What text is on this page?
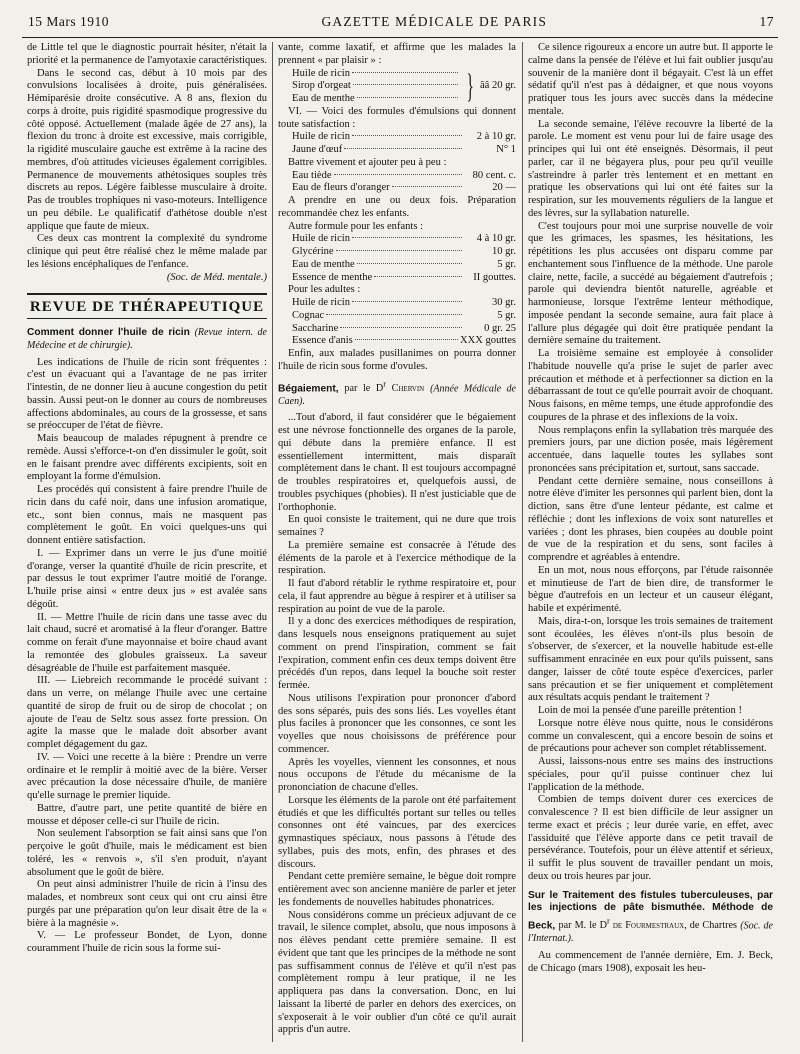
15 Mars 1910	GAZETTE MÉDICALE DE PARIS	17

de Little tel que le diagnostic pourrait hésiter, n'était la priorité et la permanence de l'amyotaxie caractéristiques.

Dans le second cas, début à 10 mois par des convulsions localisées à droite, puis généralisées. Hémiparésie droite consécutive. A 8 ans, flexion du corps à droite, puis rigidité spasmodique progressive du côté opposé. Actuellement (malade âgée de 27 ans), la flexion du tronc à droite est excessive, mais corrigible, la rigidité musculaire gauche est extrême à la racine des membres, d'où attitudes vicieuses également corrigibles. Permanence de mouvements athétosiques souples très discrets au repos. Légère faiblesse musculaire à droite. Pas de troubles trophiques ni vaso-moteurs. Intelligence un peu débile. Le qualificatif d'athétose double n'est applique que faute de mieux.

Ces deux cas montrent la complexité du syndrome clinique qui peut être réalisé chez le même malade par les lésions encéphaliques de l'enfance.

(Soc. de Méd. mentale.)

REVUE DE THÉRAPEUTIQUE

Comment donner l'huile de ricin (Revue intern. de Médecine et de chirurgie).

Les indications de l'huile de ricin sont fréquentes : c'est un évacuant qui a l'avantage de ne pas irriter l'intestin, de ne donner lieu à aucune congestion du petit bassin. Aussi peut-on le donner au cours de nombreuses affections abdominales, au cours de la grossesse, et sans se préoccuper de l'état de fièvre.

Mais beaucoup de malades répugnent à prendre ce remède. Aussi s'efforce-t-on d'en dissimuler le goût, soit en le faisant prendre avec différents excipients, soit en employant la forme d'émulsion.

Les procédés qui consistent à faire prendre l'huile de ricin dans du café noir, dans une infusion aromatique, etc., sont bien connus, mais ne masquent pas complètement le goût. En voici quelques-uns qui donnent entière satisfaction.

I. — Exprimer dans un verre le jus d'une moitié d'orange, verser la quantité d'huile de ricin prescrite, et par dessus le tout exprimer l'autre moitié de l'orange. L'huile prise ainsi « entre deux jus » est avalée sans dégoût.

II. — Mettre l'huile de ricin dans une tasse avec du lait chaud, sucré et aromatisé à la fleur d'oranger. Battre comme on ferait d'une mayonnaise et boire chaud avant la remontée des globules graisseux. La saveur désagréable de l'huile est parfaitement masquée.

III. — Liebreich recommande le procédé suivant : dans un verre, on mélange l'huile avec une certaine quantité de sirop de fruit ou de sirop de chocolat ; on ajoute de l'eau de Seltz sous assez forte pression. On agite la masse que le malade doit absorber avant complet dégagement du gaz.

IV. — Voici une recette à la bière : Prendre un verre ordinaire et le remplir à moitié avec de la bière. Verser avec précaution la dose nécessaire d'huile, de manière qu'elle surnage le premier liquide.

Battre, d'autre part, une petite quantité de bière en mousse et déposer celle-ci sur l'huile de ricin.

Non seulement l'absorption se fait ainsi sans que l'on perçoive le goût d'huile, mais le médicament est bien toléré, les « renvois », s'il s'en produit, n'ayant absolument que le goût de bière.

On peut ainsi administrer l'huile de ricin à l'insu des malades, et nombreux sont ceux qui ont cru ainsi être purgés par une préparation qu'on leur disait être de la « bière à la magnésie ».

V. — Le professeur Bondet, de Lyon, donne couramment l'huile de ricin sous la forme sui-

vante, comme laxatif, et affirme que les malades la prennent « par plaisir » :

Huile de ricin
Sirop d'orgeat
Eau de menthe	} ââ 20 gr.

VI. — Voici des formules d'émulsions qui donnent toute satisfaction :

Huile de ricin	2 à 10 gr.
Jaune d'œuf	N° 1

Battre vivement et ajouter peu à peu :

Eau tiède	80 cent. c.
Eau de fleurs d'oranger	20 —

A prendre en une ou deux fois. Préparation recommandée chez les enfants.

Autre formule pour les enfants :

Huile de ricin	4 à 10 gr.
Glycérine	10 gr.
Eau de menthe	5 gr.
Essence de menthe	II gouttes.

Pour les adultes :

Huile de ricin	30 gr.
Cognac	5 gr.
Saccharine	0 gr. 25
Essence d'anis	XXX gouttes

Enfin, aux malades pusillanimes on pourra donner l'huile de ricin sous forme d'ovules.

Bégaiement, par le $D^r$ Chervin (Année Médicale de Caen).

...Tout d'abord, il faut considérer que le bégaiement est une névrose fonctionnelle des organes de la parole, qui débute dans la première enfance. Il est essentiellement intermittent, mais disparaît complètement dans le chant. Il est toujours accompagné de troubles respiratoires et, quelquefois aussi, de troubles psychiques (phobies). Il n'est justiciable que de l'orthophonie.

En quoi consiste le traitement, qui ne dure que trois semaines ?

La première semaine est consacrée à l'étude des éléments de la parole et à l'exercice méthodique de la respiration.

Il faut d'abord rétablir le rythme respiratoire et, pour cela, il faut apprendre au bègue à respirer et à utiliser sa respiration au point de vue de la parole.

Il y a donc des exercices méthodiques de respiration, dans lesquels nous enseignons pratiquement au sujet comment on prend l'inspiration, comment se fait l'expiration, comment enfin ces deux temps doivent être précédés d'un repos, dans lequel la bouche soit rester fermée.

Nous utilisons l'expiration pour prononcer d'abord des sons séparés, puis des sons liés. Les voyelles étant plus faciles à prononcer que les consonnes, ce sont les voyelles que nous choisissons de préférence pour commencer.

Après les voyelles, viennent les consonnes, et nous nous occupons de l'étude du mécanisme de la prononciation de chacune d'elles.

Lorsque les éléments de la parole ont été parfaitement étudiés et que les difficultés portant sur telles ou telles consonnes ont été vaincues, par des exercices gymnastiques spéciaux, nous passons à l'étude des syllabes, puis des mots, enfin, des phrases et des discours.

Pendant cette première semaine, le bègue doit rompre entièrement avec son ancienne manière de parler et jeter les fondements de nouvelles habitudes phonatrices.

Nous considérons comme un précieux adjuvant de ce travail, le silence complet, absolu, que nous imposons à nos élèves pendant cette première semaine. Il est évident que tant que les principes de la méthode ne sont pas suffisamment connus de l'élève et qu'il n'est pas complètement rompu à leur pratique, il ne les appliquera pas dans la conversation. Donc, en lui laissant la liberté de parler en dehors des exercices, on s'exposerait à le voir oublier d'un côté ce qu'il aurait appris d'un autre.

Ce silence rigoureux a encore un autre but. Il apporte le calme dans la pensée de l'élève et lui fait oublier jusqu'au souvenir de la manière dont il bégayait. C'est là un effet sédatif qu'il n'est pas à dédaigner, et que nous voyons pratiquer tous les jours avec succès dans la médecine mentale.

La seconde semaine, l'élève recouvre la liberté de la parole. Le moment est venu pour lui de faire usage des principes qui lui ont été enseignés. Désormais, il peut parler, car il ne bégayera plus, pour peu qu'il veuille s'astreindre à parler très lentement et en mettant en pratique les observations qui lui ont été faites sur la respiration, sur les mouvements réguliers de la langue et des lèvres, sur la syllabation naturelle.

C'est toujours pour moi une surprise nouvelle de voir que les grimaces, les spasmes, les hésitations, les répétitions les plus accusées ont disparu comme par enchantement sous l'influence de la méthode. Une parole claire, nette, facile, a succédé au bégaiement d'autrefois ; parole qui deviendra bientôt naturelle, agréable et harmonieuse, lorsque l'extrême lenteur méthodique, imposée pendant la seconde semaine, aura fait place à l'allure plus dégagée qui doit être pratiquée pendant la dernière semaine du traitement.

La troisième semaine est employée à consolider l'habitude nouvelle qu'a prise le sujet de parler avec précaution et méthode et à perfectionner sa diction en la débarrassant de tout ce qu'elle pourrait avoir de choquant. Nous faisons, en même temps, une étude approfondie des coupures de la phrase et des inflexions de la voix.

Nous remplaçons enfin la syllabation très marquée des premiers jours, par une diction posée, mais légèrement accentuée, dans laquelle toutes les syllabes sont prononcées sans précipitation et, surtout, sans saccade.

Pendant cette dernière semaine, nous conseillons à notre élève d'imiter les personnes qui parlent bien, dont la diction, sans être d'une lenteur pédante, est calme et réfléchie ; dont les inflexions de voix sont naturelles et variées ; dont les phrases, bien coupées au double point de vue de la respiration et du sens, sont faciles à comprendre et agréables à entendre.

En un mot, nous nous efforçons, par l'étude raisonnée et minutieuse de l'art de bien dire, de transformer le bègue d'autrefois en un lecteur et un causeur élégant, habile et expérimenté.

Mais, dira-t-on, lorsque les trois semaines de traitement sont écoulées, les élèves n'ont-ils plus besoin de s'observer, de s'exercer, et la nouvelle habitude est-elle suffisamment enracinée en eux pour qu'ils puissent, sans danger, laisser de côté toute espèce d'exercices, parler sans précaution et se fier uniquement et complètement aux résultats acquis pendant le traitement ?

Loin de moi la pensée d'une pareille prétention !

Lorsque notre élève nous quitte, nous le considérons comme un convalescent, qui a encore besoin de soins et de précautions pour achever son complet rétablissement.

Aussi, laissons-nous entre ses mains des instructions spéciales, pour qu'il puisse continuer chez lui l'application de la méthode.

Combien de temps doivent durer ces exercices de convalescence ? Il est bien difficile de leur assigner un terme exact et précis ; leur durée varie, en effet, avec l'assiduité que l'élève apporte dans ce petit travail de persévérance. Toutefois, pour un élève attentif et sérieux, il suffit le plus souvent de travailler pendant un mois, deux ou trois heures par jour.

Sur le Traitement des fistules tuberculeuses, par les injections de pâte bismuthée. Méthode de Beck, par M. le $D^r$ de Fourmestraux, de Chartres (Soc. de l'Internat.).

Au commencement de l'année dernière, Em. J. Beck, de Chicago (mars 1908), exposait les heu-
